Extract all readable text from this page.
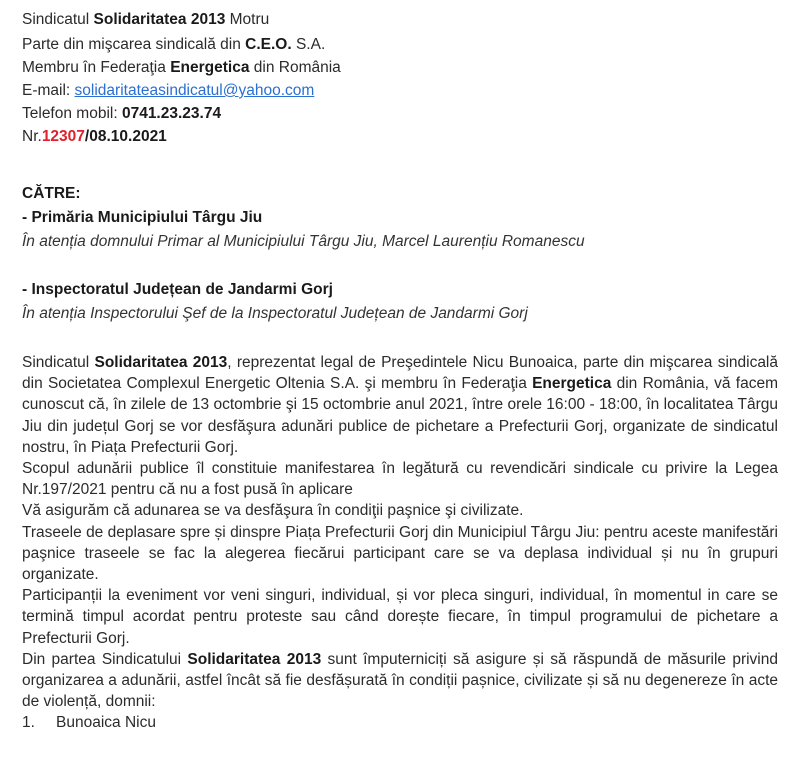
Sindicatul Solidaritatea 2013 Motru
Parte din mişcarea sindicală din C.E.O. S.A.
Membru în Federaţia Energetica din România
E-mail: solidaritateasindicatul@yahoo.com
Telefon mobil: 0741.23.23.74
Nr.12307/08.10.2021
CĂTRE:
- Primăria Municipiului Târgu Jiu
În atenția domnului Primar al Municipiului Târgu Jiu, Marcel Laurențiu Romanescu
- Inspectoratul Județean de Jandarmi Gorj
În atenția Inspectorului Şef de la Inspectoratul Județean de Jandarmi Gorj

Sindicatul Solidaritatea 2013, reprezentat legal de Preşedintele Nicu Bunoaica, parte din mişcarea sindicală din Societatea Complexul Energetic Oltenia S.A. şi membru în Federaţia Energetica din România, vă facem cunoscut că, în zilele de 13 octombrie şi 15 octombrie anul 2021, între orele 16:00 - 18:00, în localitatea Târgu Jiu din județul Gorj se vor desfăşura adunări publice de pichetare a Prefecturii Gorj, organizate de sindicatul nostru, în Piața Prefecturii Gorj.

Scopul adunării publice îl constituie manifestarea în legătură cu revendicări sindicale cu privire la Legea Nr.197/2021 pentru că nu a fost pusă în aplicare

Vă asigurăm că adunarea se va desfăşura în condiţii paşnice şi civilizate.

Traseele de deplasare spre și dinspre Piața Prefecturii Gorj din Municipiul Târgu Jiu: pentru aceste manifestări paşnice traseele se fac la alegerea fiecărui participant care se va deplasa individual și nu în grupuri organizate.

Participanții la eveniment vor veni singuri, individual, și vor pleca singuri, individual, în momentul in care se termină timpul acordat pentru proteste sau când dorește fiecare, în timpul programului de pichetare a Prefecturii Gorj.

Din partea Sindicatului Solidaritatea 2013 sunt împuterniciți să asigure și să răspundă de măsurile privind organizarea a adunării, astfel încât să fie desfășurată în condiții pașnice, civilizate și să nu degenereze în acte de violență, domnii:

1.	Bunoaica Nicu
